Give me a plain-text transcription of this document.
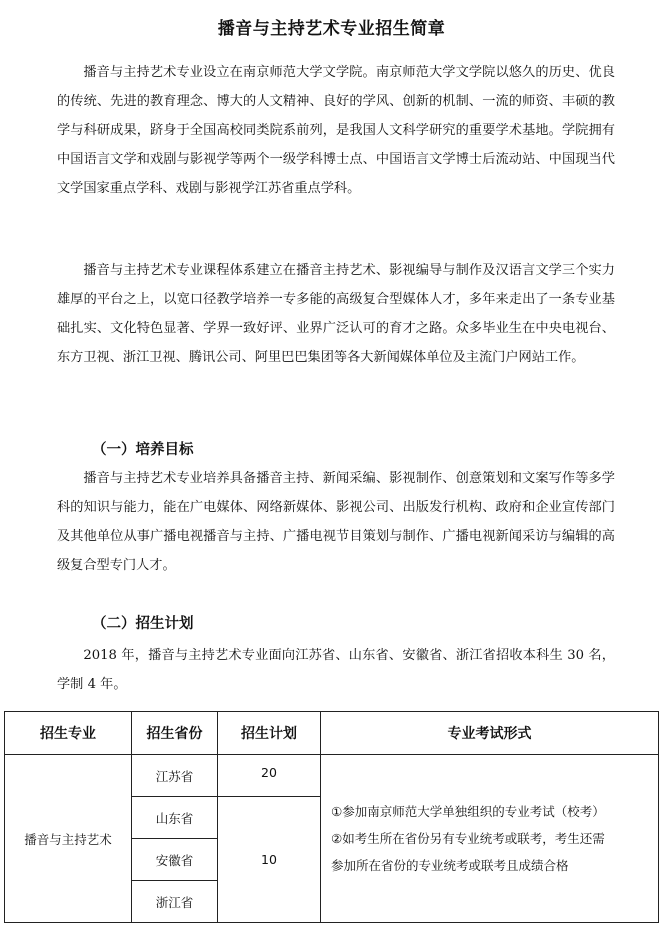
播音与主持艺术专业招生简章

播音与主持艺术专业设立在南京师范大学文学院。南京师范大学文学院以悠久的历史、优良的传统、先进的教育理念、博大的人文精神、良好的学风、创新的机制、一流的师资、丰硕的教学与科研成果，跻身于全国高校同类院系前列，是我国人文科学研究的重要学术基地。学院拥有中国语言文学和戏剧与影视学等两个一级学科博士点、中国语言文学博士后流动站、中国现当代文学国家重点学科、戏剧与影视学江苏省重点学科。

播音与主持艺术专业课程体系建立在播音主持艺术、影视编导与制作及汉语言文学三个实力雄厚的平台之上，以宽口径教学培养一专多能的高级复合型媒体人才，多年来走出了一条专业基础扎实、文化特色显著、学界一致好评、业界广泛认可的育才之路。众多毕业生在中央电视台、东方卫视、浙江卫视、腾讯公司、阿里巴巴集团等各大新闻媒体单位及主流门户网站工作。

（一）培养目标

播音与主持艺术专业培养具备播音主持、新闻采编、影视制作、创意策划和文案写作等多学科的知识与能力，能在广电媒体、网络新媒体、影视公司、出版发行机构、政府和企业宣传部门及其他单位从事广播电视播音与主持、广播电视节目策划与制作、广播电视新闻采访与编辑的高级复合型专门人才。

（二）招生计划

2018 年，播音与主持艺术专业面向江苏省、山东省、安徽省、浙江省招收本科生 30 名，学制 4 年。

招生专业	招生省份	招生计划	专业考试形式
播音与主持艺术	江苏省	20	①参加南京师范大学单独组织的专业考试（校考）
②如考生所在省份另有专业统考或联考，考生还需
参加所在省份的专业统考或联考且成绩合格

	山东省	10	
	安徽省		
	浙江省		
